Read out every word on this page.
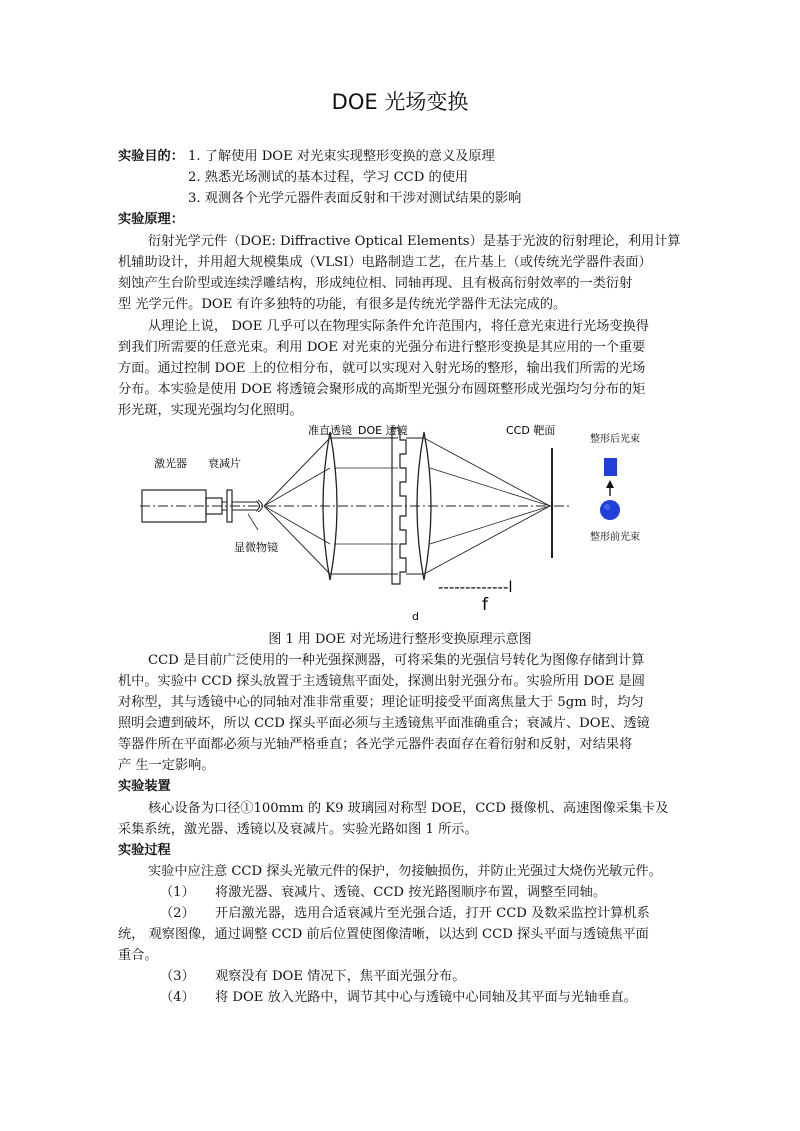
DOE 光场变换
实验目的： 1. 了解使用 DOE 对光束实现整形变换的意义及原理
2. 熟悉光场测试的基本过程，学习 CCD 的使用
3. 观测各个光学元器件表面反射和干涉对测试结果的影响
实验原理：
衍射光学元件（DOE: Diffractive Optical Elements）是基于光波的衍射理论，利用计算
机辅助设计，并用超大规模集成（VLSI）电路制造工艺，在片基上（或传统光学器件表面）
刻蚀产生台阶型或连续浮雕结构，形成纯位相、同轴再现、且有极高衍射效率的一类衍射
型 光学元件。DOE 有许多独特的功能，有很多是传统光学器件无法完成的。
从理论上说， DOE 几乎可以在物理实际条件允许范围内，将任意光束进行光场变换得
到我们所需要的任意光束。利用 DOE 对光束的光强分布进行整形变换是其应用的一个重要
方面。通过控制 DOE 上的位相分布，就可以实现对入射光场的整形，输出我们所需的光场
分布。本实验是使用 DOE 将透镜会聚形成的高斯型光强分布圆斑整形成光强均匀分布的矩
形光斑，实现光强均匀化照明。
准直透镜 DOE 透镜	CCD 靶面
激光器 衰减片
显微物镜
整形后光束
整形前光束
-------------l
f
d
图 1 用 DOE 对光场进行整形变换原理示意图
CCD 是目前广泛使用的一种光强探测器，可将采集的光强信号转化为图像存储到计算
机中。实验中 CCD 探头放置于主透镜焦平面处，探测出射光强分布。实验所用 DOE 是圆
对称型，其与透镜中心的同轴对准非常重要；理论证明接受平面离焦量大于 5gm 时，均匀
照明会遭到破坏，所以 CCD 探头平面必须与主透镜焦平面准确重合；衰减片、DOE、透镜
等器件所在平面都必须与光轴严格垂直；各光学元器件表面存在着衍射和反射，对结果将
产 生一定影响。
实验装置
核心设备为口径①100mm 的 K9 玻璃园对称型 DOE，CCD 摄像机、高速图像采集卡及
采集系统，激光器、透镜以及衰减片。实验光路如图 1 所示。
实验过程
实验中应注意 CCD 探头光敏元件的保护，勿接触损伤，并防止光强过大烧伤光敏元件。
（1） 将激光器、衰减片、透镜、CCD 按光路图顺序布置，调整至同轴。
（2） 开启激光器，选用合适衰减片至光强合适，打开 CCD 及数采监控计算机系
统， 观察图像，通过调整 CCD 前后位置使图像清晰，以达到 CCD 探头平面与透镜焦平面
重合。
（3） 观察没有 DOE 情况下，焦平面光强分布。
（4） 将 DOE 放入光路中，调节其中心与透镜中心同轴及其平面与光轴垂直。
